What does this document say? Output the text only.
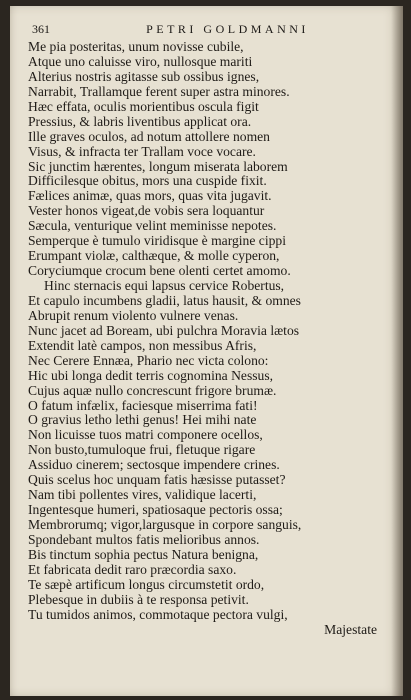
361	PETRI GOLDMANNI
Me pia posteritas, unum novisse cubile,
Atque uno caluisse viro, nullosque mariti
Alterius nostris agitasse sub ossibus ignes,
Narrabit, Trallamque ferent super astra minores.
Hæc effata, oculis morientibus oscula figit
Pressius, & labris liventibus applicat ora.
Ille graves oculos, ad notum attollere nomen
Visus, & infracta ter Trallam voce vocare.
Sic junctim hærentes, longum miserata laborem
Difficilesque obitus, mors una cuspide fixit.
Fælices animæ, quas mors, quas vita jugavit.
Vester honos vigeat,de vobis sera loquantur
Sæcula, venturique velint meminisse nepotes.
Semperque è tumulo viridisque è margine cippi
Erumpant violæ, calthæque, & molle cyperon,
Coryciumque crocum bene olenti certet amomo.
Hinc sternacis equi lapsus cervice Robertus,
Et capulo incumbens gladii, latus hausit, & omnes
Abrupit renum violento vulnere venas.
Nunc jacet ad Boream, ubi pulchra Moravia lætos
Extendit latè campos, non messibus Afris,
Nec Cerere Ennæa, Phario nec victa colono:
Hic ubi longa dedit terris cognomina Nessus,
Cujus aquæ nullo concrescunt frigore brumæ.
O fatum infælix, faciesque miserrima fati!
O gravius letho lethi genus! Hei mihi nate
Non licuisse tuos matri componere ocellos,
Non busto,tumuloque frui, fletuque rigare
Assiduo cinerem; sectosque impendere crines.
Quis scelus hoc unquam fatis hæsisse putasset?
Nam tibi pollentes vires, validique lacerti,
Ingentesque humeri, spatiosaque pectoris ossa;
Membrorumq; vigor,largusque in corpore sanguis,
Spondebant multos fatis melioribus annos.
Bis tinctum sophia pectus Natura benigna,
Et fabricata dedit raro præcordia saxo.
Te sæpè artificum longus circumstetit ordo,
Plebesque in dubiis à te responsa petivit.
Tu tumidos animos, commotaque pectora vulgi,
Majestate
